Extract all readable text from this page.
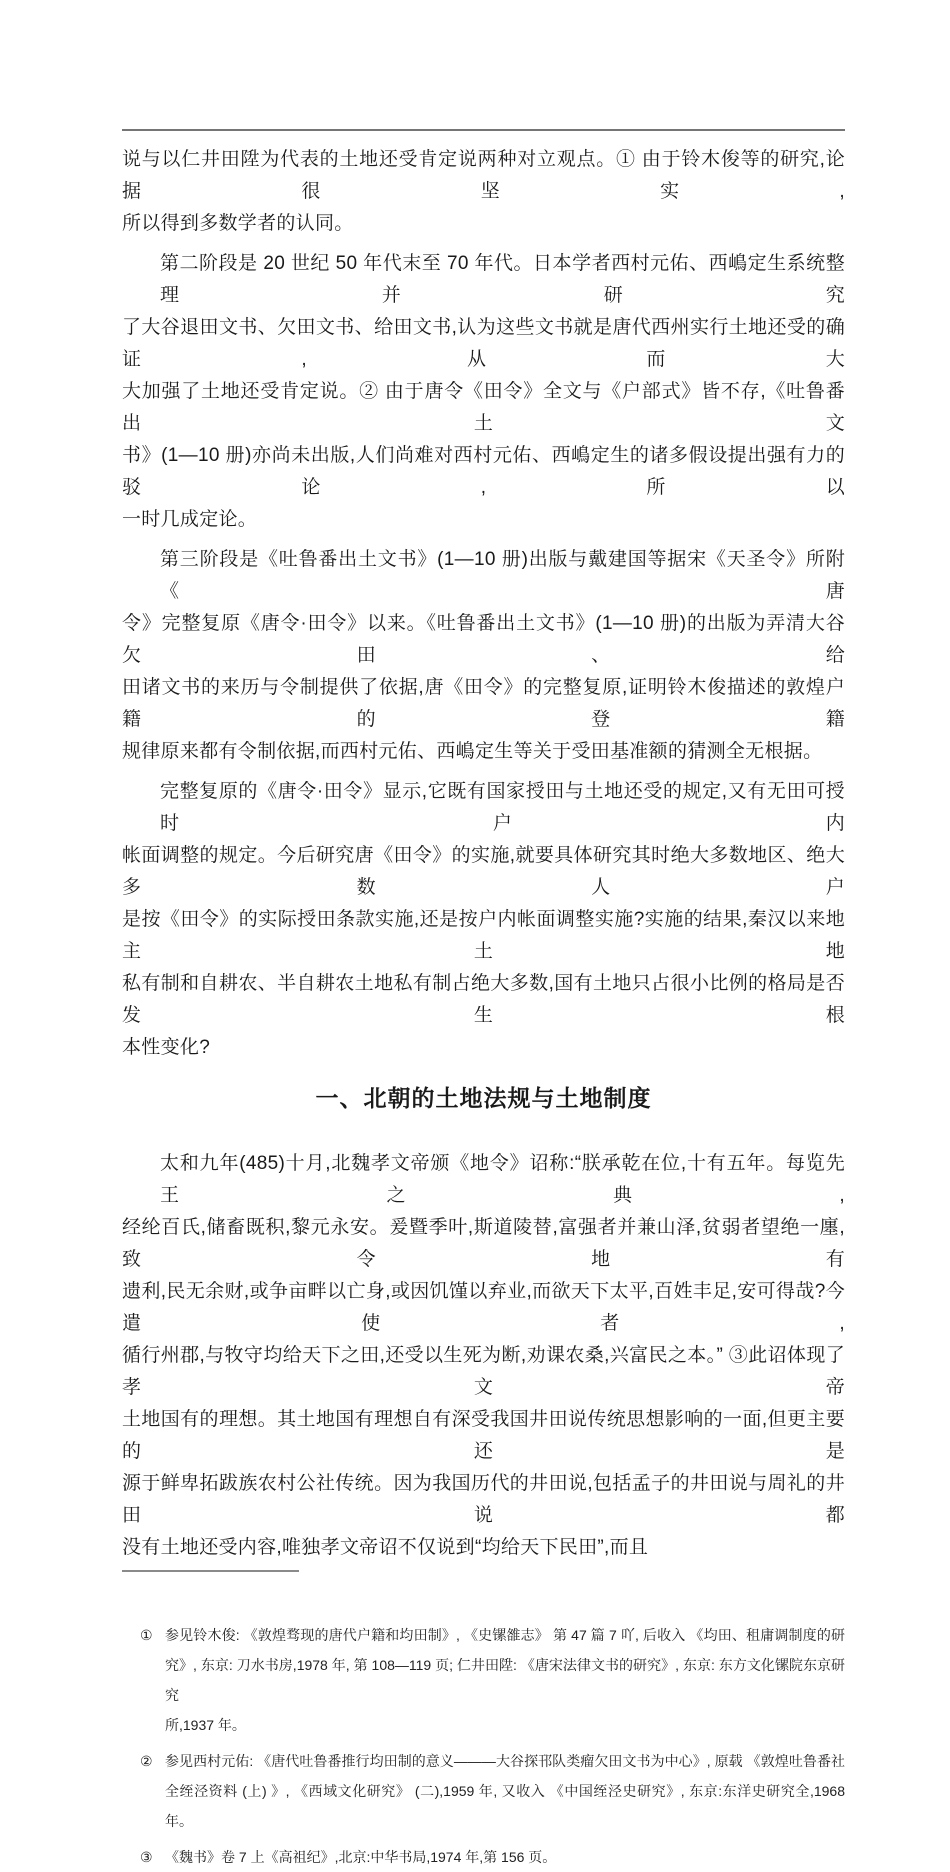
说与以仁井田陞为代表的土地还受肯定说两种对立观点。① 由于铃木俊等的研究,论据很坚实,
所以得到多数学者的认同。
第二阶段是 20 世纪 50 年代末至 70 年代。日本学者西村元佑、西嶋定生系统整理并研究
了大谷退田文书、欠田文书、给田文书,认为这些文书就是唐代西州实行土地还受的确证,从而大
大加强了土地还受肯定说。② 由于唐令《田令》全文与《户部式》皆不存,《吐鲁番出土文
书》(1—10 册)亦尚未出版,人们尚难对西村元佑、西嶋定生的诸多假设提出强有力的驳论,所以
一时几成定论。
第三阶段是《吐鲁番出土文书》(1—10 册)出版与戴建国等据宋《天圣令》所附《唐
令》完整复原《唐令·田令》以来。《吐鲁番出土文书》(1—10 册)的出版为弄清大谷欠田、给
田诸文书的来历与令制提供了依据,唐《田令》的完整复原,证明铃木俊描述的敦煌户籍的登籍
规律原来都有令制依据,而西村元佑、西嶋定生等关于受田基准额的猜测全无根据。
完整复原的《唐令·田令》显示,它既有国家授田与土地还受的规定,又有无田可授时户内
帐面调整的规定。今后研究唐《田令》的实施,就要具体研究其时绝大多数地区、绝大多数人户
是按《田令》的实际授田条款实施,还是按户内帐面调整实施?实施的结果,秦汉以来地主土地
私有制和自耕农、半自耕农土地私有制占绝大多数,国有土地只占很小比例的格局是否发生根
本性变化?
一、北朝的土地法规与土地制度
太和九年(485)十月,北魏孝文帝颁《地令》诏称:“朕承乾在位,十有五年。每览先王之典,
经纶百氏,储畜既积,黎元永安。爰暨季叶,斯道陵替,富强者并兼山泽,贫弱者望绝一廛,致令地有
遗利,民无余财,或争亩畔以亡身,或因饥馑以弃业,而欲天下太平,百姓丰足,安可得哉?今遣使者,
循行州郡,与牧守均给天下之田,还受以生死为断,劝课农桑,兴富民之本。” ③此诏体现了孝文帝
土地国有的理想。其土地国有理想自有深受我国井田说传统思想影响的一面,但更主要的还是
源于鲜卑拓跋族农村公社传统。因为我国历代的井田说,包括孟子的井田说与周礼的井田说都
没有土地还受内容,唯独孝文帝诏不仅说到“均给天下民田”,而且
① 参见铃木俊: 《敦煌骛现的唐代户籍和均田制》, 《史镙雒志》 第 47 篇 7 吖, 后收入 《均田、租庸调制度的研
究》, 东京: 刀水书房,1978 年, 第 108—119 页; 仁井田陞: 《唐宋法律文书的研究》, 东京: 东方文化镙院东京研究
所,1937 年。
② 参见西村元佑: 《唐代吐鲁番推行均田制的意义———大谷探邗队类瘤欠田文书为中心》, 原载 《敦煌吐鲁番社
全绖泾资料 (上) 》, 《西域文化研究》 (二),1959 年, 又收入 《中国绖泾史研究》, 东京:东洋史研究全,1968 年。
③ 《魏书》卷 7 上《高祖纪》,北京:中华书局,1974 年,第 156 页。
